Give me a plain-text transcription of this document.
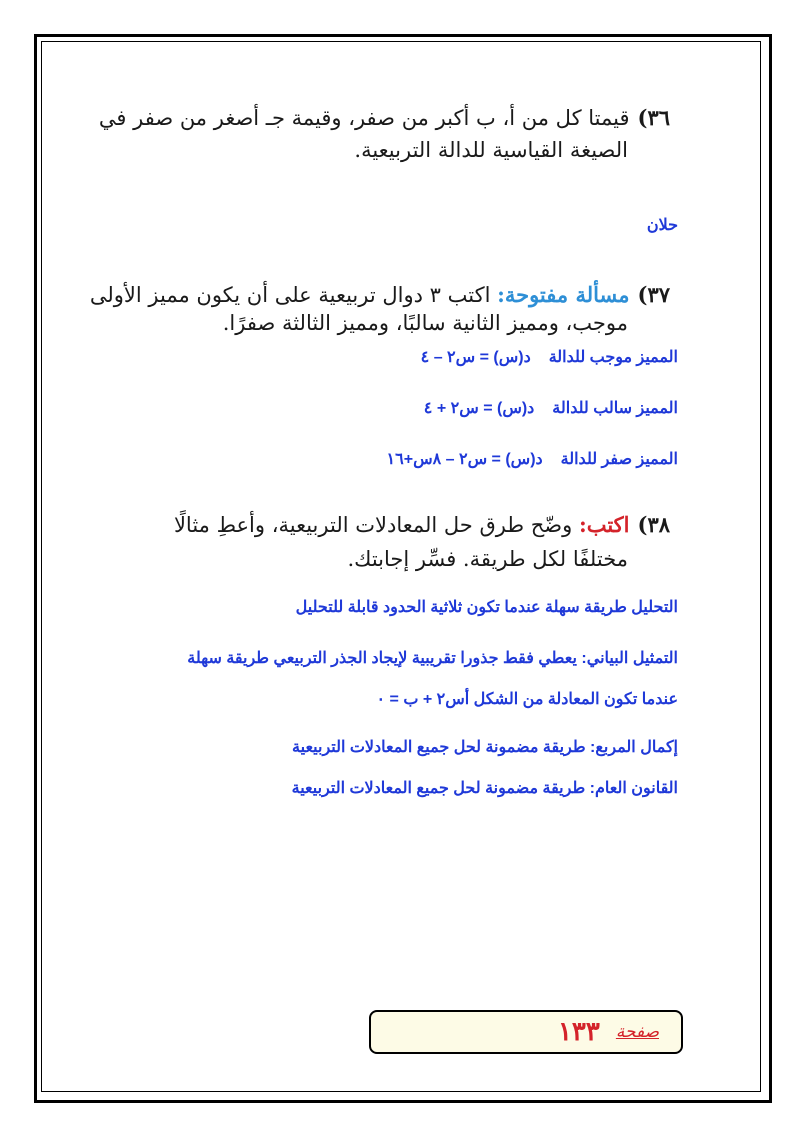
٣٦)قيمتا كل من أ، ب أكبر من صفر، وقيمة جـ أصغر من صفر في
الصيغة القياسية للدالة التربيعية.
حلان
٣٧)مسألة مفتوحة: اكتب ٣ دوال تربيعية على أن يكون مميز الأولى
موجب، ومميز الثانية سالبًا، ومميز الثالثة صفرًا.
المميز موجب للدالةد(س) = س٢ – ٤
المميز سالب للدالةد(س) = س٢ + ٤
المميز صفر للدالةد(س) = س٢ – ٨س+١٦
٣٨)اكتب: وضّح طرق حل المعادلات التربيعية، وأعطِ مثالًا
مختلفًا لكل طريقة. فسِّر إجابتك.
التحليل طريقة سهلة عندما تكون ثلاثية الحدود قابلة للتحليل
التمثيل البياني: يعطي فقط جذورا تقريبية لإيجاد الجذر التربيعي طريقة سهلة
عندما تكون المعادلة من الشكل أس٢ + ب = ٠
إكمال المربع: طريقة مضمونة لحل جميع المعادلات التربيعية
القانون العام: طريقة مضمونة لحل جميع المعادلات التربيعية
صفحة
١٣٣
